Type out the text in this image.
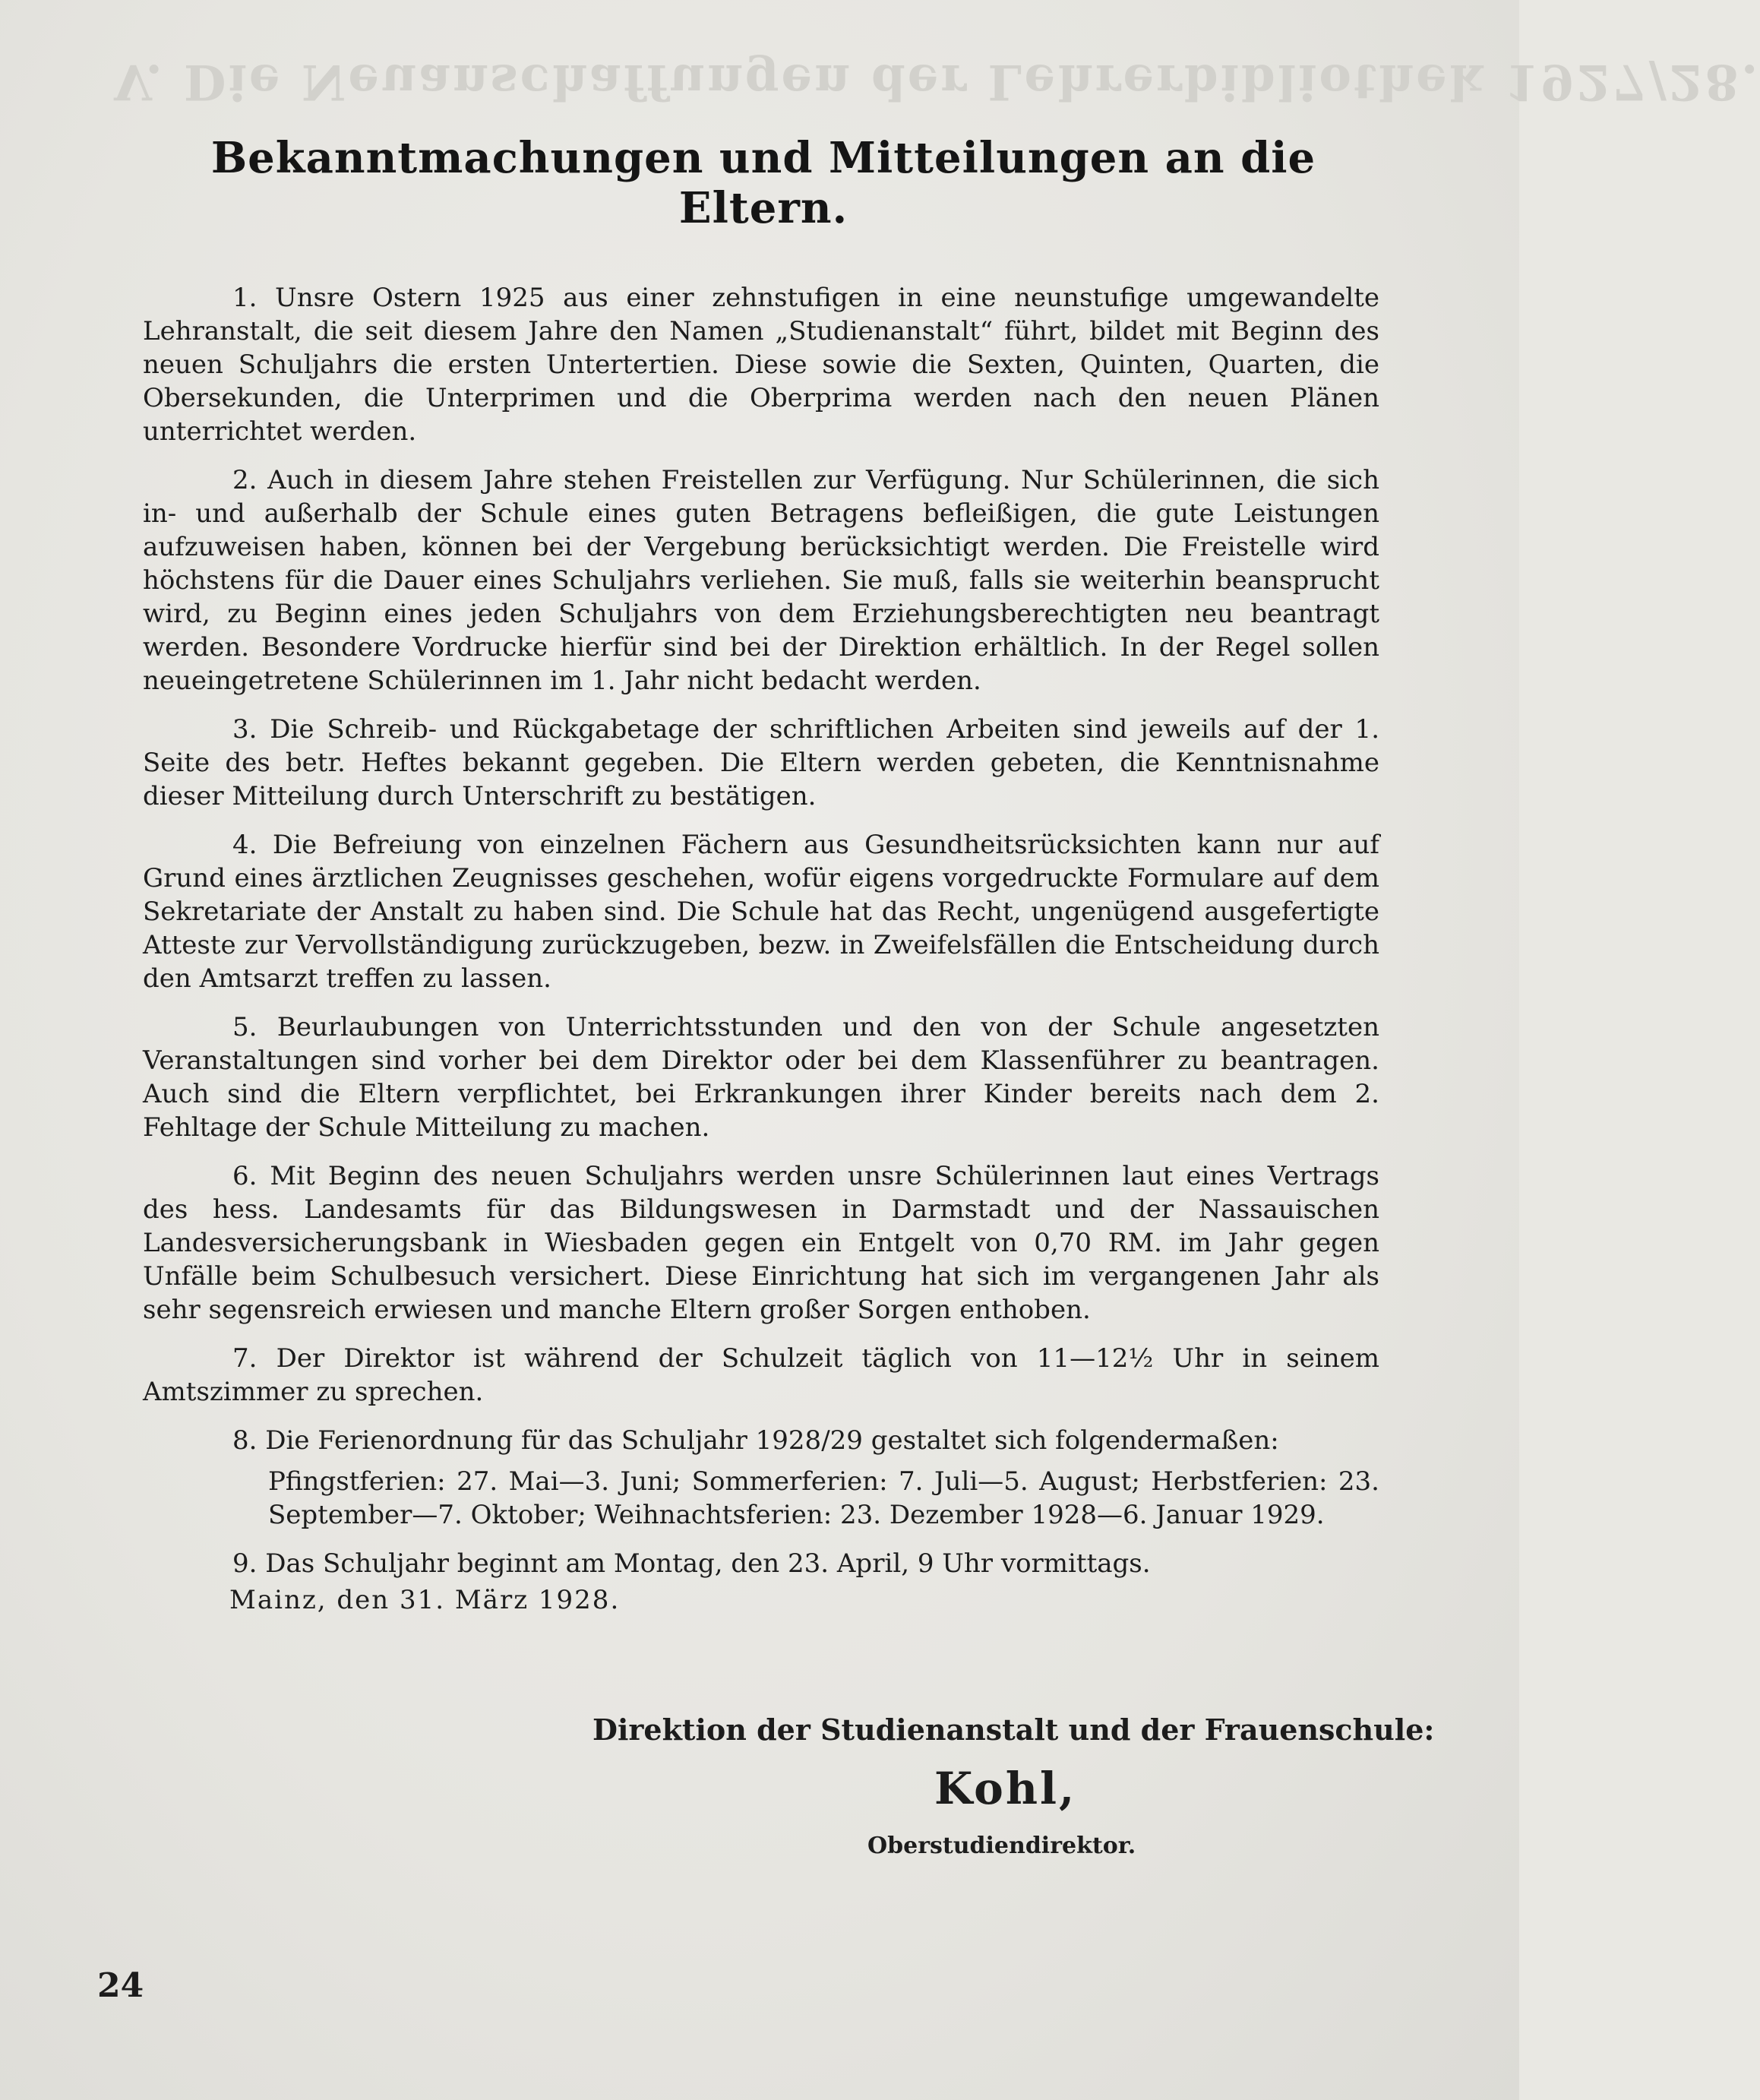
V. Die Neuanschaffungen der Lehrerbibliothek 1927/28.
Bekanntmachungen und Mitteilungen an die Eltern.

1. Unsre Ostern 1925 aus einer zehnstufigen in eine neunstufige umgewandelte Lehranstalt, die seit diesem Jahre den Namen „Studienanstalt“ führt, bildet mit Beginn des neuen Schuljahrs die ersten Untertertien. Diese sowie die Sexten, Quinten, Quarten, die Obersekunden, die Unterprimen und die Oberprima werden nach den neuen Plänen unterrichtet werden.

2. Auch in diesem Jahre stehen Freistellen zur Verfügung. Nur Schülerinnen, die sich in- und außerhalb der Schule eines guten Betragens befleißigen, die gute Leistungen aufzuweisen haben, können bei der Vergebung berücksichtigt werden. Die Freistelle wird höchstens für die Dauer eines Schuljahrs verliehen. Sie muß, falls sie weiterhin beansprucht wird, zu Beginn eines jeden Schuljahrs von dem Erziehungsberechtigten neu beantragt werden. Besondere Vordrucke hierfür sind bei der Direktion erhältlich. In der Regel sollen neueingetretene Schülerinnen im 1. Jahr nicht bedacht werden.

3. Die Schreib- und Rückgabetage der schriftlichen Arbeiten sind jeweils auf der 1. Seite des betr. Heftes bekannt gegeben. Die Eltern werden gebeten, die Kenntnisnahme dieser Mitteilung durch Unterschrift zu bestätigen.

4. Die Befreiung von einzelnen Fächern aus Gesundheitsrücksichten kann nur auf Grund eines ärztlichen Zeugnisses geschehen, wofür eigens vorgedruckte Formulare auf dem Sekretariate der Anstalt zu haben sind. Die Schule hat das Recht, ungenügend ausgefertigte Atteste zur Vervollständigung zurückzugeben, bezw. in Zweifelsfällen die Entscheidung durch den Amtsarzt treffen zu lassen.

5. Beurlaubungen von Unterrichtsstunden und den von der Schule angesetzten Veranstaltungen sind vorher bei dem Direktor oder bei dem Klassenführer zu beantragen. Auch sind die Eltern verpflichtet, bei Erkrankungen ihrer Kinder bereits nach dem 2. Fehltage der Schule Mitteilung zu machen.

6. Mit Beginn des neuen Schuljahrs werden unsre Schülerinnen laut eines Vertrags des hess. Landesamts für das Bildungswesen in Darmstadt und der Nassauischen Landesversicherungsbank in Wiesbaden gegen ein Entgelt von 0,70 RM. im Jahr gegen Unfälle beim Schulbesuch versichert. Diese Einrichtung hat sich im vergangenen Jahr als sehr segensreich erwiesen und manche Eltern großer Sorgen enthoben.

7. Der Direktor ist während der Schulzeit täglich von 11—12½ Uhr in seinem Amtszimmer zu sprechen.

8. Die Ferienordnung für das Schuljahr 1928/29 gestaltet sich folgendermaßen:

Pfingstferien: 27. Mai—3. Juni; Sommerferien: 7. Juli—5. August; Herbstferien: 23. September—7. Oktober; Weihnachtsferien: 23. Dezember 1928—6. Januar 1929.

9. Das Schuljahr beginnt am Montag, den 23. April, 9 Uhr vormittags.

Mainz, den 31. März 1928.
Direktion der Studienanstalt und der Frauenschule:
Kohl,
Oberstudiendirektor.
24
